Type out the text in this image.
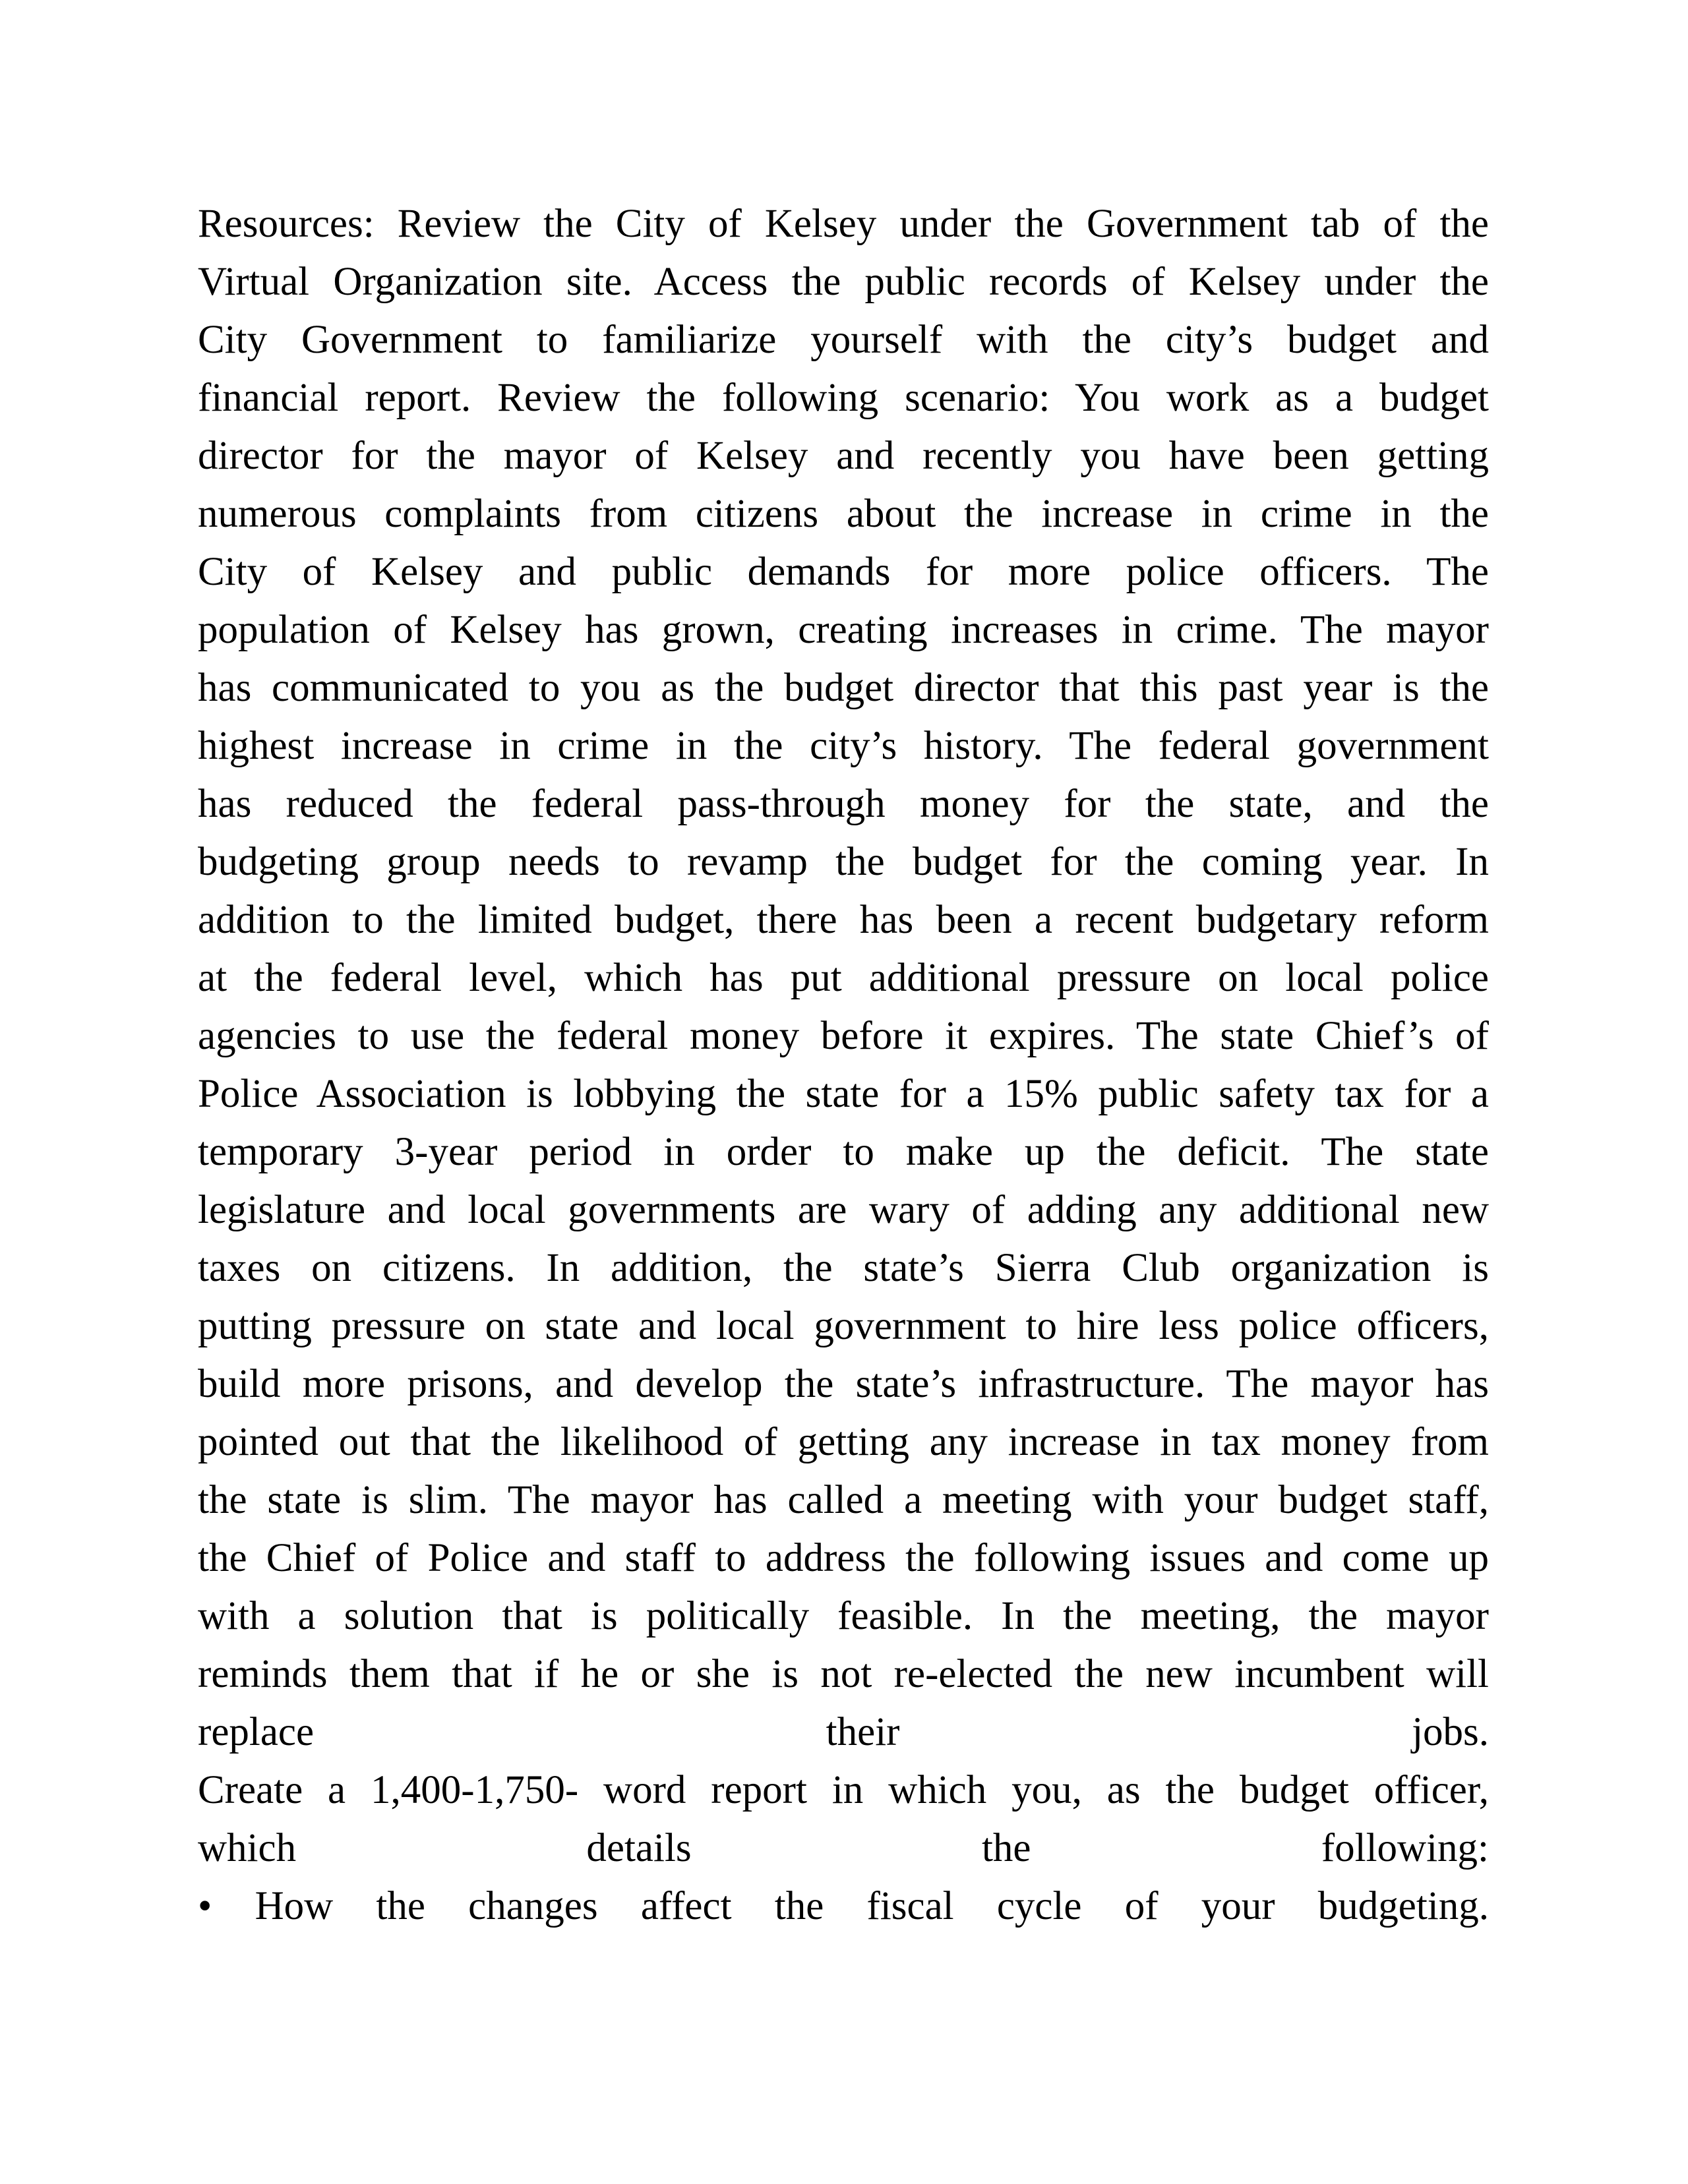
Resources: Review the City of Kelsey under the Government tab of the
Virtual Organization site. Access the public records of Kelsey under the
City Government to familiarize yourself with the city’s budget and
financial report. Review the following scenario: You work as a budget
director for the mayor of Kelsey and recently you have been getting
numerous complaints from citizens about the increase in crime in the
City of Kelsey and public demands for more police officers. The
population of Kelsey has grown, creating increases in crime. The mayor
has communicated to you as the budget director that this past year is the
highest increase in crime in the city’s history. The federal government
has reduced the federal pass-through money for the state, and the
budgeting group needs to revamp the budget for the coming year. In
addition to the limited budget, there has been a recent budgetary reform
at the federal level, which has put additional pressure on local police
agencies to use the federal money before it expires. The state Chief’s of
Police Association is lobbying the state for a 15% public safety tax for a
temporary 3-year period in order to make up the deficit. The state
legislature and local governments are wary of adding any additional new
taxes on citizens. In addition, the state’s Sierra Club organization is
putting pressure on state and local government to hire less police officers,
build more prisons, and develop the state’s infrastructure. The mayor has
pointed out that the likelihood of getting any increase in tax money from
the state is slim. The mayor has called a meeting with your budget staff,
the Chief of Police and staff to address the following issues and come up
with a solution that is politically feasible. In the meeting, the mayor
reminds them that if he or she is not re-elected the new incumbent will
replace their jobs.
Create a 1,400-1,750- word report in which you, as the budget officer,
which details the following:
• How the changes affect the fiscal cycle of your budgeting.
